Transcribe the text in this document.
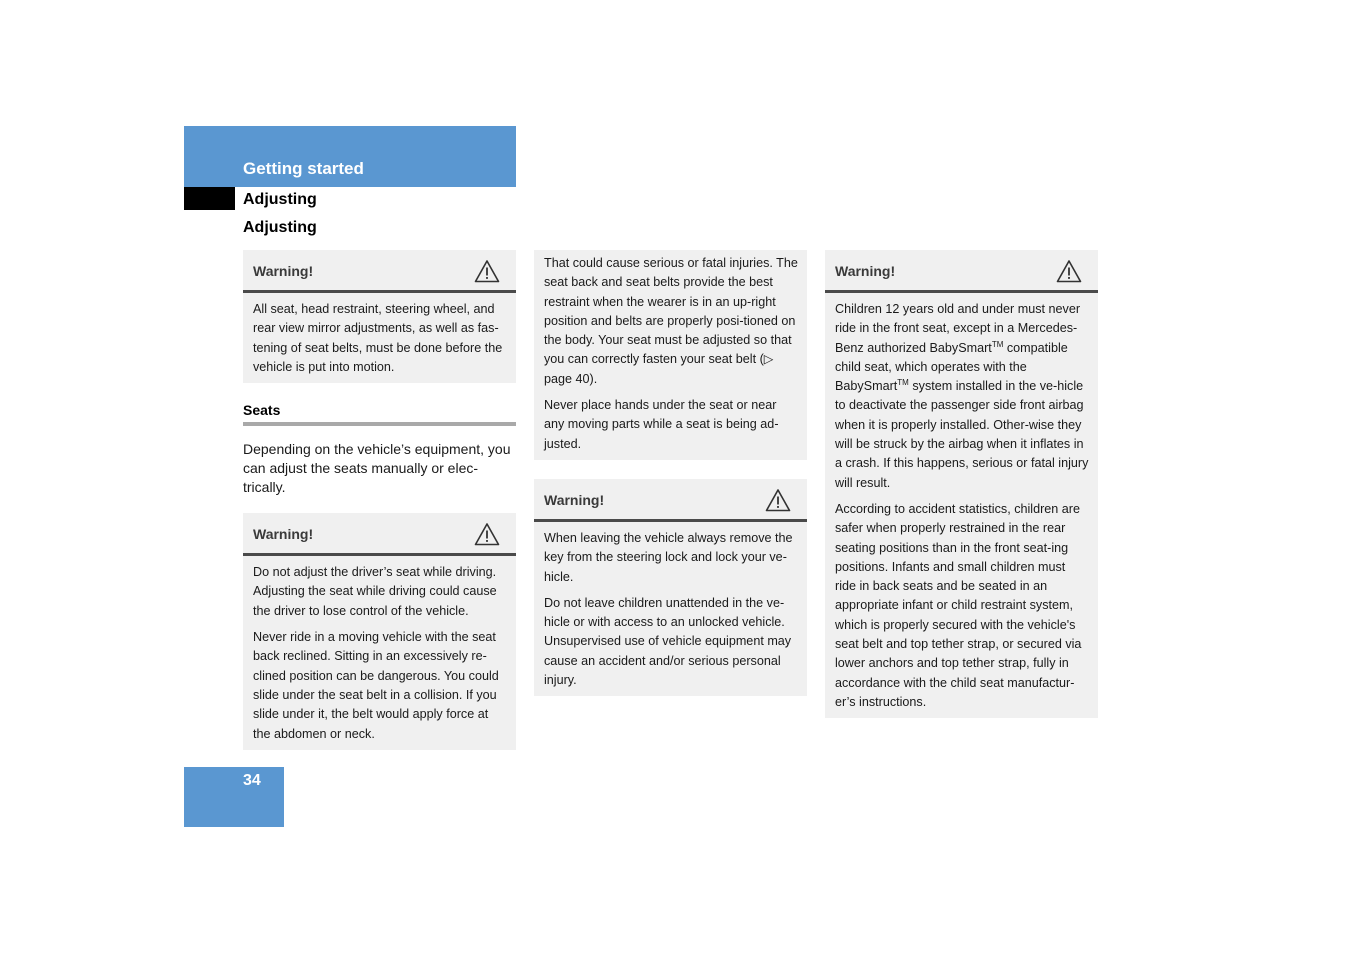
Getting started
Adjusting
Adjusting
Warning!

All seat, head restraint, steering wheel, and rear view mirror adjustments, as well as fas-tening of seat belts, must be done before the vehicle is put into motion.

Seats

Depending on the vehicle’s equipment, you can adjust the seats manually or elec-trically.

Warning!

Do not adjust the driver’s seat while driving. Adjusting the seat while driving could cause the driver to lose control of the vehicle.

Never ride in a moving vehicle with the seat back reclined. Sitting in an excessively re-clined position can be dangerous. You could slide under the seat belt in a collision. If you slide under it, the belt would apply force at the abdomen or neck.

That could cause serious or fatal injuries. The seat back and seat belts provide the best restraint when the wearer is in an up-right position and belts are properly posi-tioned on the body. Your seat must be adjusted so that you can correctly fasten your seat belt (▷ page 40).

Never place hands under the seat or near any moving parts while a seat is being ad-justed.

Warning!

When leaving the vehicle always remove the key from the steering lock and lock your ve-hicle.

Do not leave children unattended in the ve-hicle or with access to an unlocked vehicle. Unsupervised use of vehicle equipment may cause an accident and/or serious personal injury.

Warning!

Children 12 years old and under must never ride in the front seat, except in a Mercedes-Benz authorized BabySmart™ compatible child seat, which operates with the BabySmart™ system installed in the ve-hicle to deactivate the passenger side front airbag when it is properly installed. Other-wise they will be struck by the airbag when it inflates in a crash. If this happens, serious or fatal injury will result.

According to accident statistics, children are safer when properly restrained in the rear seating positions than in the front seat-ing positions. Infants and small children must ride in back seats and be seated in an appropriate infant or child restraint system, which is properly secured with the vehicle's seat belt and top tether strap, or secured via lower anchors and top tether strap, fully in accordance with the child seat manufactur-er’s instructions.

34
